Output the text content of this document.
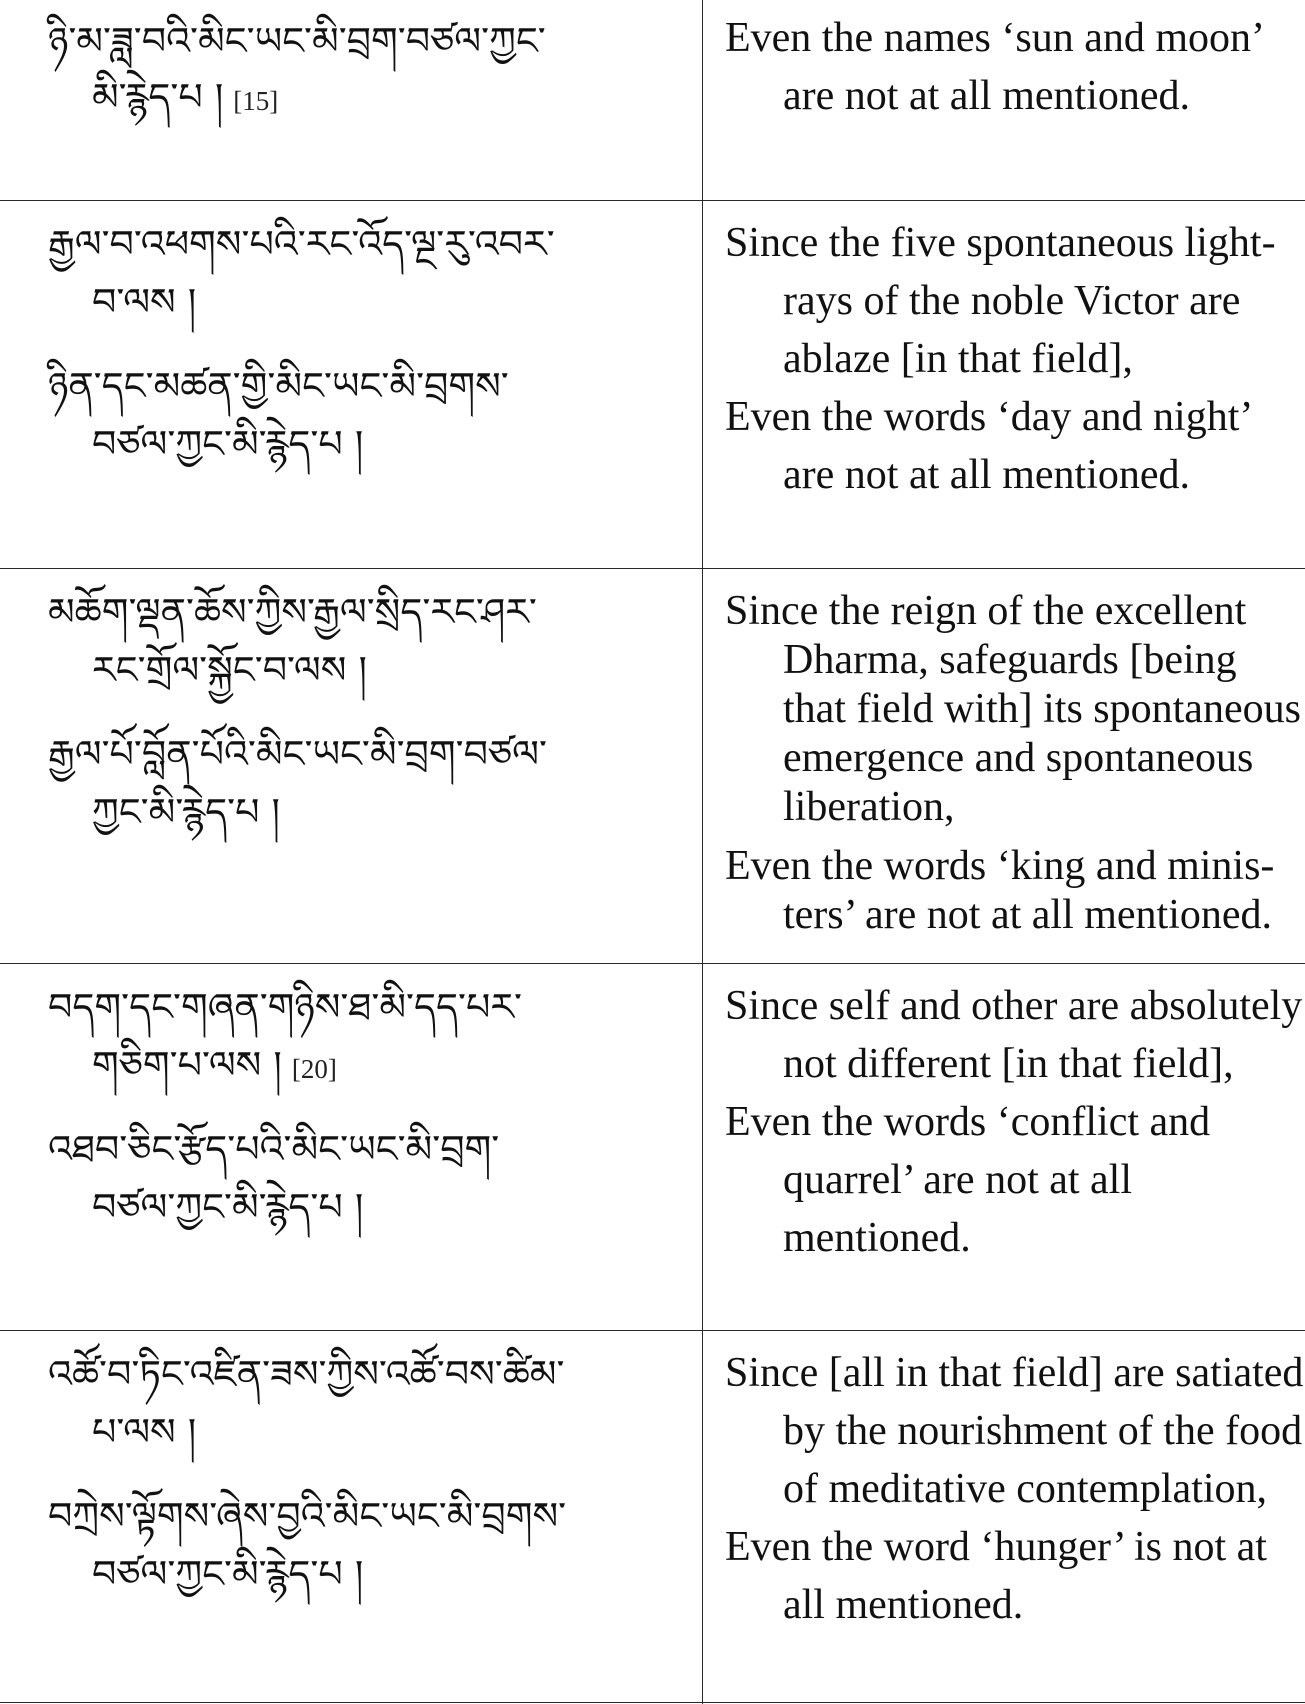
ཉི་མ་ཟླ་བའི་མིང་ཡང་མི་བྲག་བཙལ་ཀྱང་
མི་རྙེད་པ ། [15]
Even the names ‘sun and moon’
are not at all mentioned.
རྒྱལ་བ་འཕགས་པའི་རང་འོད་ལྔ་རུ་འབར་
བ་ལས །
ཉིན་དང་མཚན་གྱི་མིང་ཡང་མི་བྲགས་
བཙལ་ཀྱང་མི་རྙེད་པ །
Since the five spontaneous light-
rays of the noble Victor are
ablaze [in that field],
Even the words ‘day and night’
are not at all mentioned.
མཆོག་ལྡན་ཆོས་ཀྱིས་རྒྱལ་སྲིད་རང་ཤར་
རང་གྲོལ་སྐྱོང་བ་ལས །
རྒྱལ་པོ་བློན་པོའི་མིང་ཡང་མི་བྲག་བཙལ་
ཀྱང་མི་རྙེད་པ །
Since the reign of the excellent
Dharma, safeguards [being
that field with] its spontaneous
emergence and spontaneous
liberation,
Even the words ‘king and minis-
ters’ are not at all mentioned.
བདག་དང་གཞན་གཉིས་ཐ་མི་དད་པར་
གཅིག་པ་ལས ། [20]
འཐབ་ཅིང་རྩོད་པའི་མིང་ཡང་མི་བྲག་
བཙལ་ཀྱང་མི་རྙེད་པ །
Since self and other are absolutely
not different [in that field],
Even the words ‘conflict and
quarrel’ are not at all
mentioned.
འཚོ་བ་ཏིང་འཛིན་ཟས་ཀྱིས་འཚོ་བས་ཚིམ་
པ་ལས །
བཀྲེས་ལྟོགས་ཞེས་བྱའི་མིང་ཡང་མི་བྲགས་
བཙལ་ཀྱང་མི་རྙེད་པ །
Since [all in that field] are satiated
by the nourishment of the food
of meditative contemplation,
Even the word ‘hunger’ is not at
all mentioned.
